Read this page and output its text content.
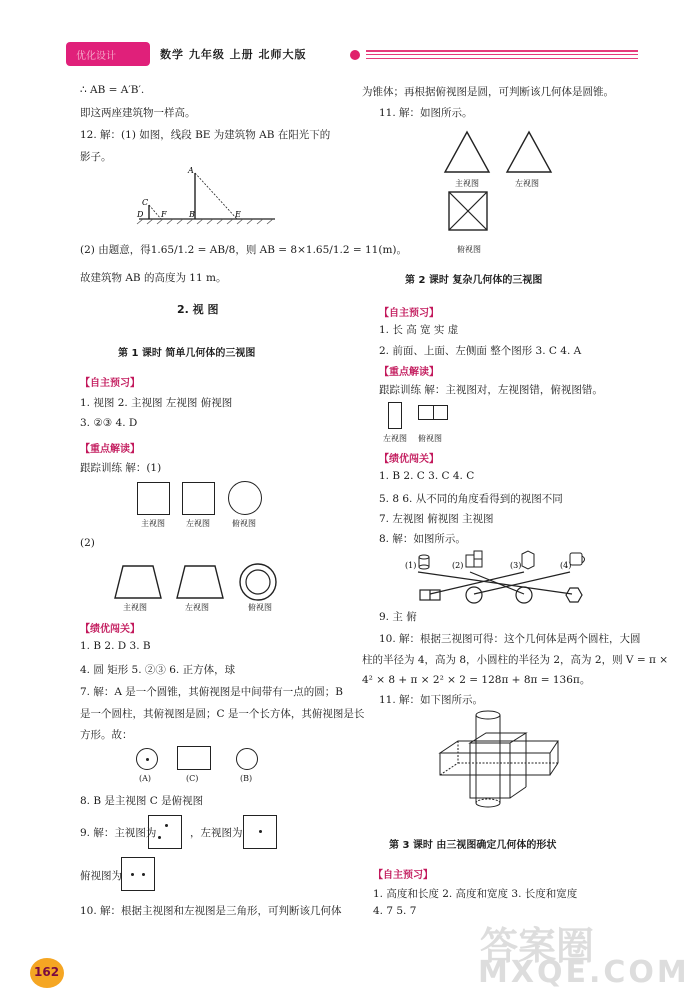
优化设计	数学 九年级 上册 北师大版
∴ AB = A′B′.
即这两座建筑物一样高。
12. 解：(1) 如图，线段 BE 为建筑物 AB 在阳光下的
影子。
C
D F
A
B	E
(2) 由题意，得1.65/1.2 = AB/8，则 AB = 8×1.65/1.2 = 11(m)。
故建筑物 AB 的高度为 11 m。
2. 视 图
第 1 课时 简单几何体的三视图
【自主预习】
1. 视图 2. 主视图 左视图 俯视图
3. ②③ 4. D
【重点解读】
跟踪训练 解：(1)
主视图	左视图	俯视图
(2)
主视图	左视图	俯视图
【绩优闯关】
1. B 2. D 3. B
4. 圆 矩形 5. ②③ 6. 正方体，球
7. 解：A 是一个圆锥，其俯视图是中间带有一点的圆；B
是一个圆柱，其俯视图是圆；C 是一个长方体，其俯视图是长
方形。故：
(A)	(C)	(B)
8. B 是主视图 C 是俯视图
9. 解：主视图为	，左视图为
俯视图为
10. 解：根据主视图和左视图是三角形，可判断该几何体
为锥体；再根据俯视图是圆，可判断该几何体是圆锥。
11. 解：如图所示。
主视图	左视图
俯视图
第 2 课时 复杂几何体的三视图
【自主预习】
1. 长 高 宽 实 虚
2. 前面、上面、左侧面 整个图形 3. C 4. A
【重点解读】
跟踪训练 解：主视图对，左视图错，俯视图错。
左视图 俯视图
【绩优闯关】
1. B 2. C 3. C 4. C
5. 8 6. 从不同的角度看得到的视图不同
7. 左视图 俯视图 主视图
8. 解：如图所示。
(1)	(2)	(3)	(4)
9. 主 俯
10. 解：根据三视图可得：这个几何体是两个圆柱，大圆
柱的半径为 4，高为 8，小圆柱的半径为 2，高为 2，则 V = π ×
4² × 8 + π × 2² × 2 = 128π + 8π = 136π。
11. 解：如下图所示。
第 3 课时 由三视图确定几何体的形状
【自主预习】
1. 高度和长度 2. 高度和宽度 3. 长度和宽度
4. 7 5. 7
162
答案圈
MXQE.COM
